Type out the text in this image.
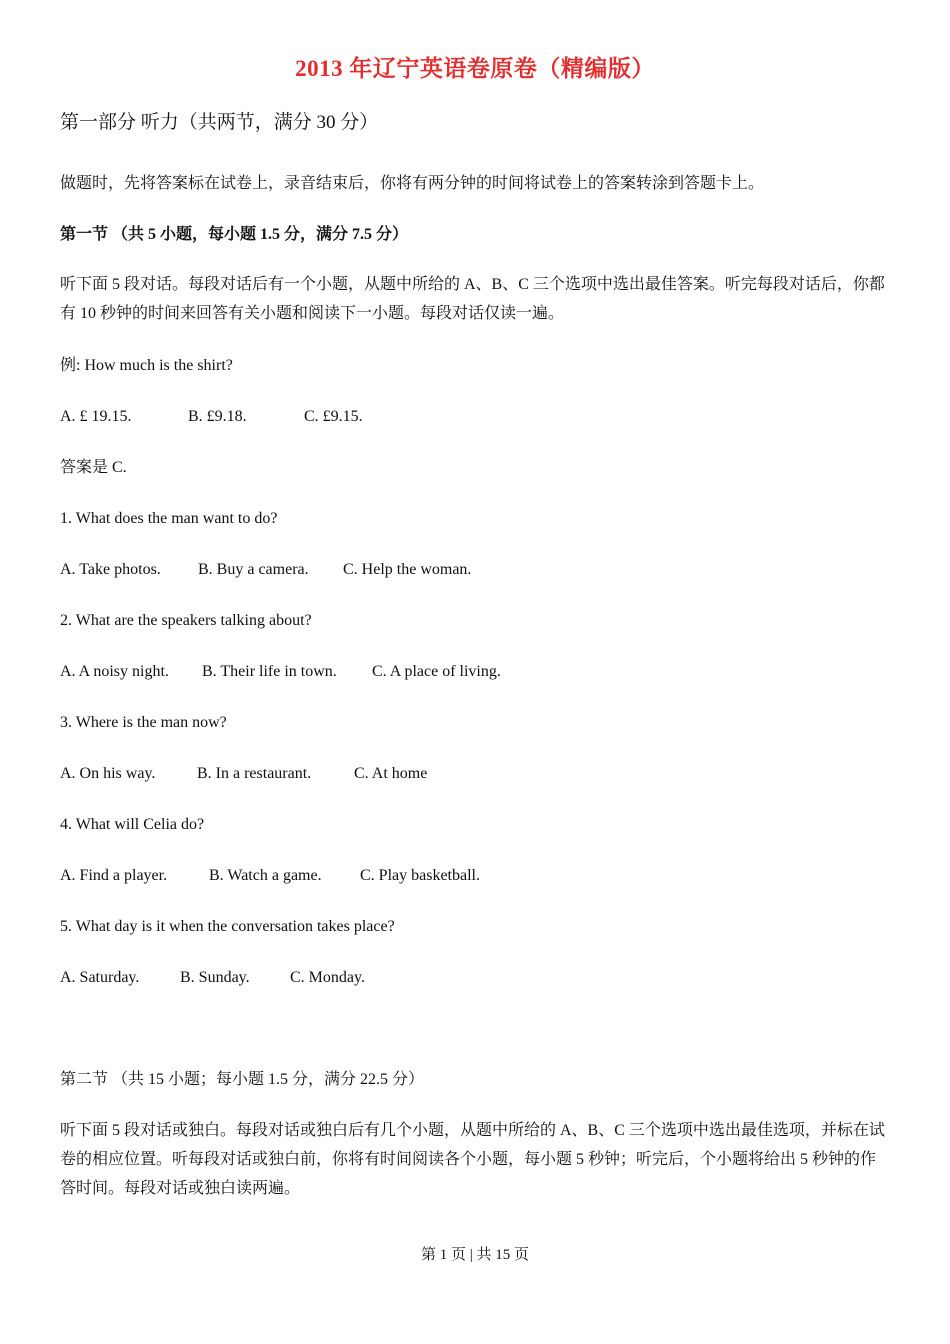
2013 年辽宁英语卷原卷（精编版）
第一部分 听力（共两节，满分 30 分）
做题时，先将答案标在试卷上，录音结束后，你将有两分钟的时间将试卷上的答案转涂到答题卡上。
第一节 （共 5 小题，每小题 1.5 分，满分 7.5 分）
听下面 5 段对话。每段对话后有一个小题，从题中所给的 A、B、C 三个选项中选出最佳答案。听完每段对话后，你都有 10 秒钟的时间来回答有关小题和阅读下一小题。每段对话仅读一遍。
例: How much is the shirt?
A. £ 19.15.	B. £9.18.	C. £9.15.
答案是 C.
1. What does the man want to do?
A. Take photos. B. Buy a camera. C. Help the woman.
2. What are the speakers talking about?
A. A noisy night. B. Their life in town. C. A place of living.
3. Where is the man now?
A. On his way.	B. In a restaurant.	C. At home
4. What will Celia do?
A. Find a player.	B. Watch a game. C. Play basketball.
5. What day is it when the conversation takes place?
A. Saturday.	B. Sunday.	C. Monday.
第二节 （共 15 小题；每小题 1.5 分，满分 22.5 分）
听下面 5 段对话或独白。每段对话或独白后有几个小题，从题中所给的 A、B、C 三个选项中选出最佳选项，并标在试卷的相应位置。听每段对话或独白前，你将有时间阅读各个小题，每小题 5 秒钟；听完后，个小题将给出 5 秒钟的作答时间。每段对话或独白读两遍。
第 1 页 | 共 15 页
